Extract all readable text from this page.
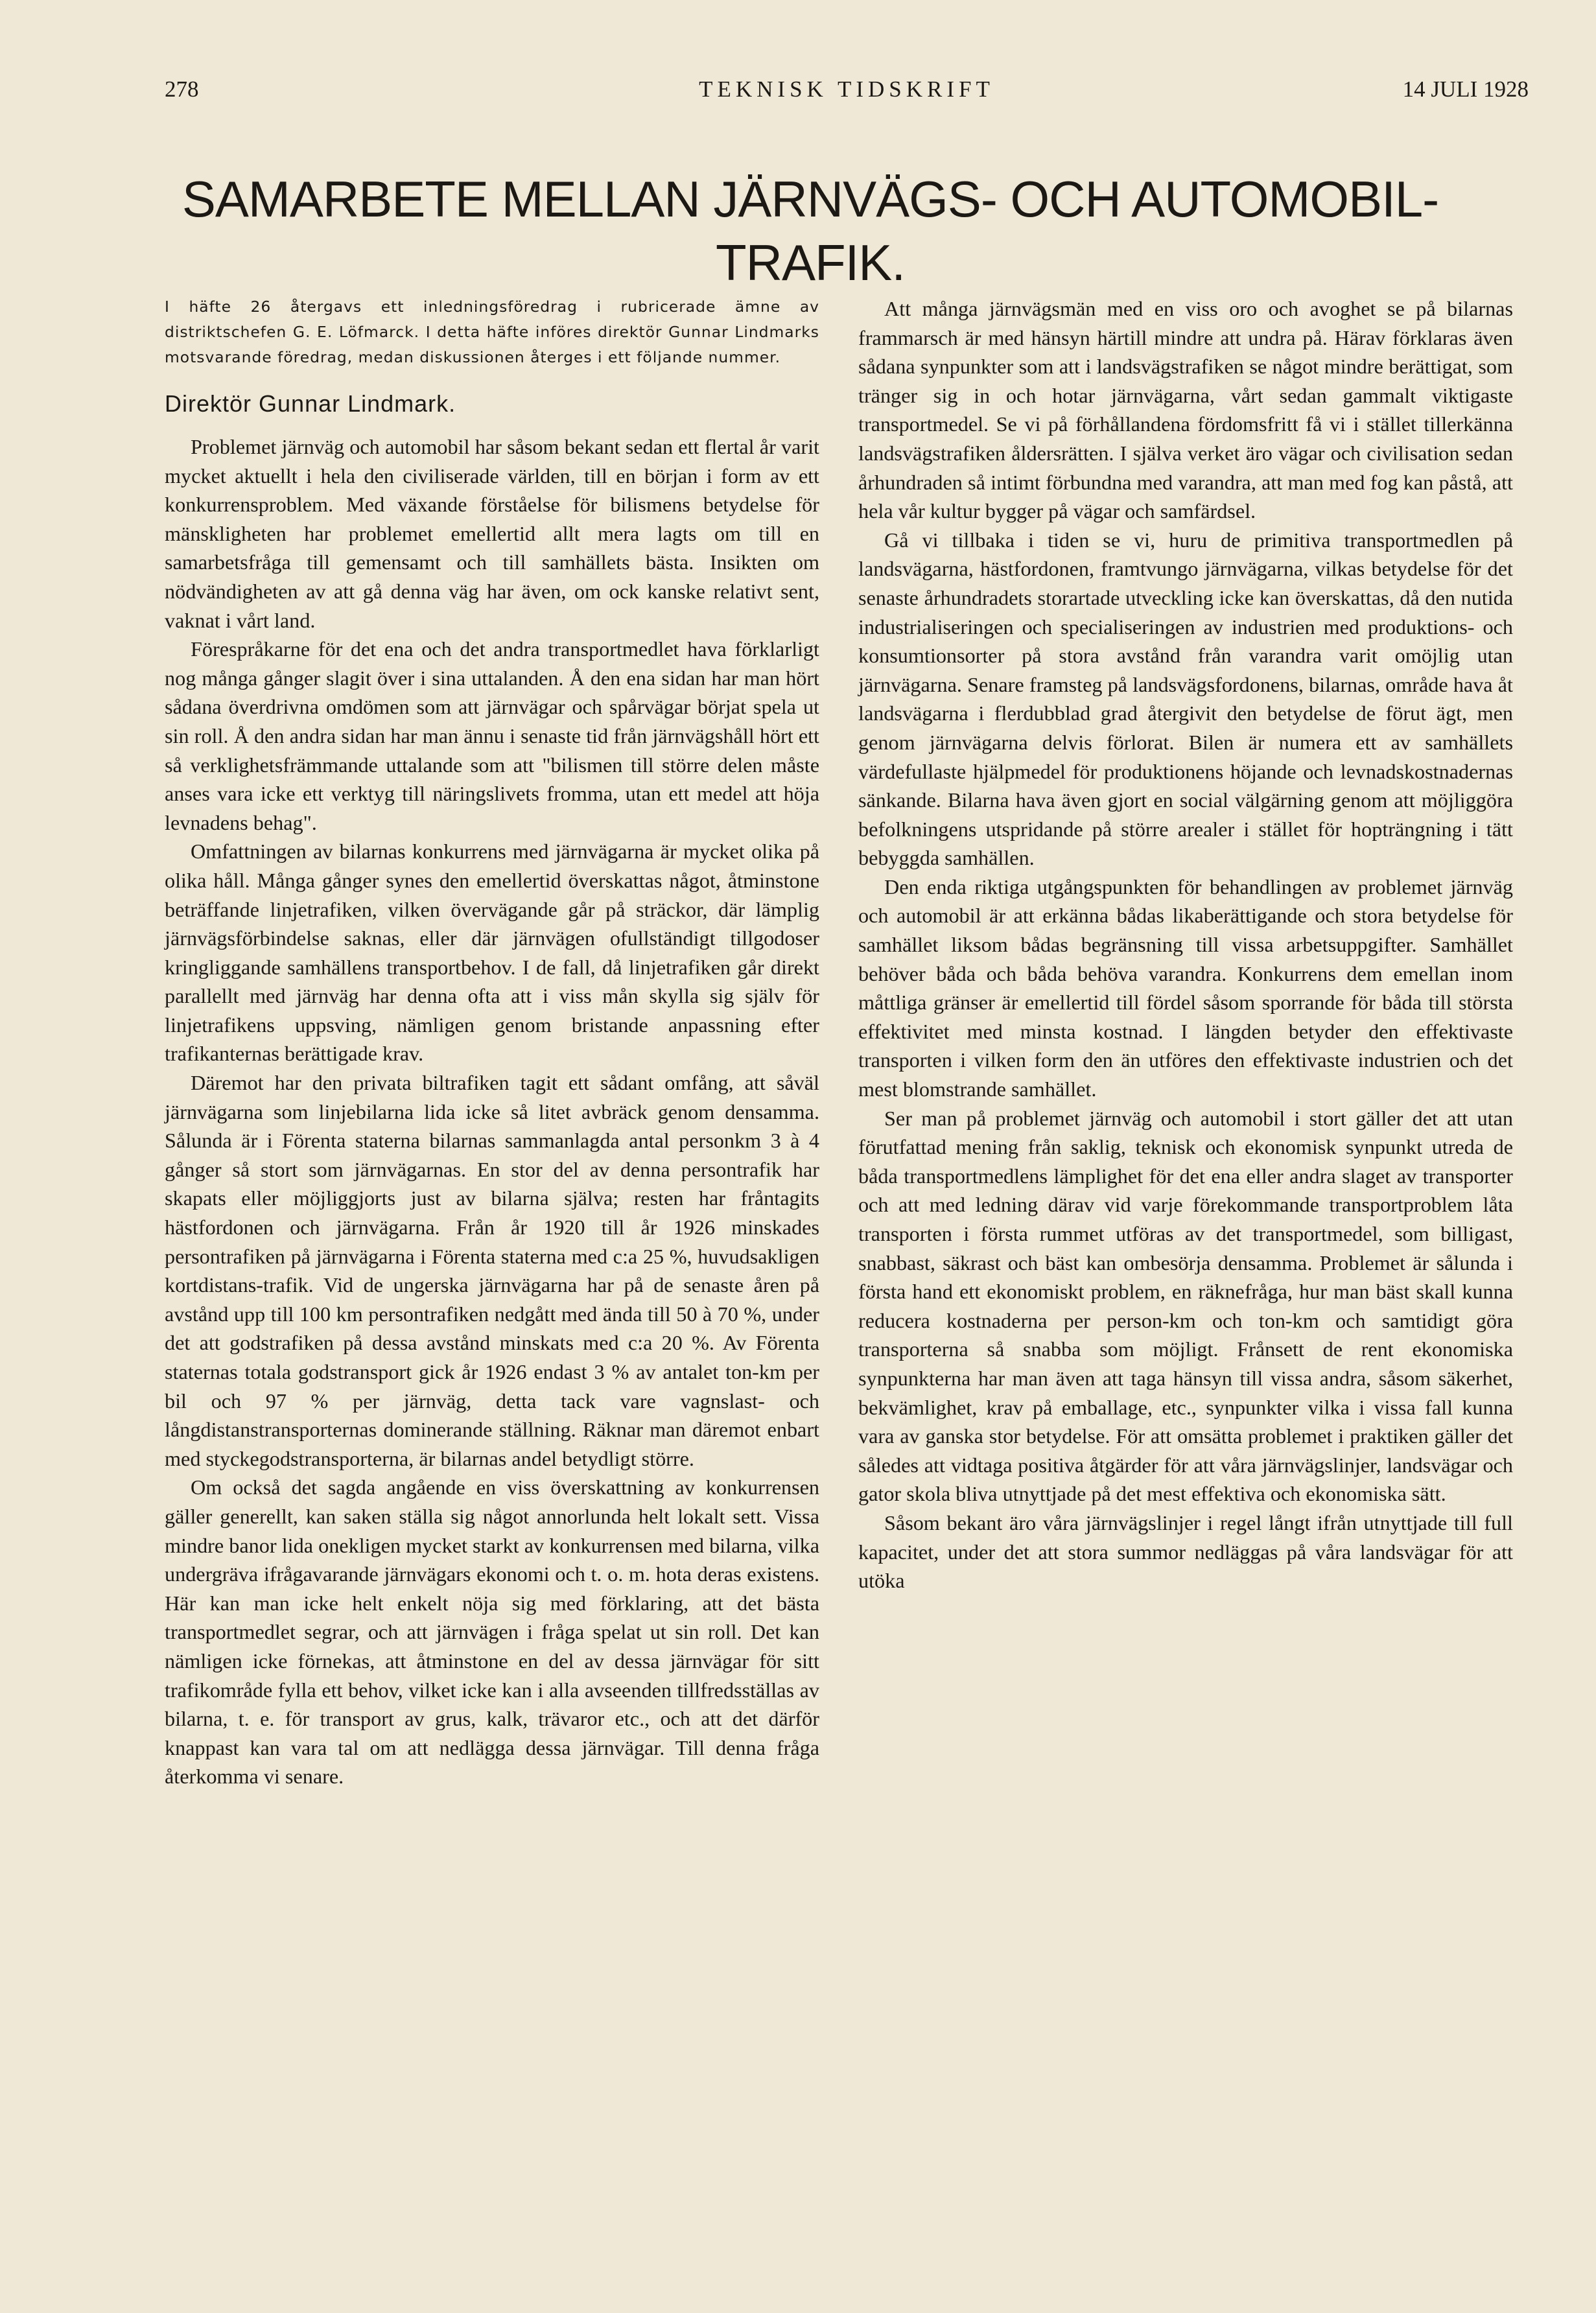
278	TEKNISK TIDSKRIFT	14 JULI 1928
SAMARBETE MELLAN JÄRNVÄGS- OCH AUTOMOBIL-TRAFIK.
I häfte 26 återgavs ett inledningsföredrag i rubricerade ämne av distriktschefen G. E. Löfmarck. I detta häfte införes direktör Gunnar Lindmarks motsvarande föredrag, medan diskussionen återges i ett följande nummer.
Direktör Gunnar Lindmark.

Problemet järnväg och automobil har såsom bekant sedan ett flertal år varit mycket aktuellt i hela den civiliserade världen, till en början i form av ett konkurrensproblem. Med växande förståelse för bilismens betydelse för mänskligheten har problemet emellertid allt mera lagts om till en samarbetsfråga till gemensamt och till samhällets bästa. Insikten om nödvändigheten av att gå denna väg har även, om ock kanske relativt sent, vaknat i vårt land.

Förespråkarne för det ena och det andra transportmedlet hava förklarligt nog många gånger slagit över i sina uttalanden. Å den ena sidan har man hört sådana överdrivna omdömen som att järnvägar och spårvägar börjat spela ut sin roll. Å den andra sidan har man ännu i senaste tid från järnvägshåll hört ett så verklighetsfrämmande uttalande som att "bilismen till större delen måste anses vara icke ett verktyg till näringslivets fromma, utan ett medel att höja levnadens behag".

Omfattningen av bilarnas konkurrens med järnvägarna är mycket olika på olika håll. Många gånger synes den emellertid överskattas något, åtminstone beträffande linjetrafiken, vilken övervägande går på sträckor, där lämplig järnvägsförbindelse saknas, eller där järnvägen ofullständigt tillgodoser kringliggande samhällens transportbehov. I de fall, då linjetrafiken går direkt parallellt med järnväg har denna ofta att i viss mån skylla sig själv för linjetrafikens uppsving, nämligen genom bristande anpassning efter trafikanternas berättigade krav.

Däremot har den privata biltrafiken tagit ett sådant omfång, att såväl järnvägarna som linjebilarna lida icke så litet avbräck genom densamma. Sålunda är i Förenta staterna bilarnas sammanlagda antal personkm 3 à 4 gånger så stort som järnvägarnas. En stor del av denna persontrafik har skapats eller möjliggjorts just av bilarna själva; resten har fråntagits hästfordonen och järnvägarna. Från år 1920 till år 1926 minskades persontrafiken på järnvägarna i Förenta staterna med c:a 25 %, huvudsakligen kortdistans-trafik. Vid de ungerska järnvägarna har på de senaste åren på avstånd upp till 100 km persontrafiken nedgått med ända till 50 à 70 %, under det att godstrafiken på dessa avstånd minskats med c:a 20 %. Av Förenta staternas totala godstransport gick år 1926 endast 3 % av antalet ton-km per bil och 97 % per järnväg, detta tack vare vagnslast- och långdistanstransporternas dominerande ställning. Räknar man däremot enbart med styckegodstransporterna, är bilarnas andel betydligt större.

Om också det sagda angående en viss överskattning av konkurrensen gäller generellt, kan saken ställa sig något annorlunda helt lokalt sett. Vissa mindre banor lida onekligen mycket starkt av konkurrensen med bilarna, vilka undergräva ifrågavarande järnvägars ekonomi och t. o. m. hota deras existens. Här kan man icke helt enkelt nöja sig med förklaring, att det bästa transportmedlet segrar, och att järnvägen i fråga spelat ut sin roll. Det kan nämligen icke förnekas, att åtminstone en del av dessa järnvägar för sitt trafikområde fylla ett behov, vilket icke kan i alla avseenden tillfredsställas av bilarna, t. e. för transport av grus, kalk, trävaror etc., och att det därför knappast kan vara tal om att nedlägga dessa järnvägar. Till denna fråga återkomma vi senare.

Att många järnvägsmän med en viss oro och avoghet se på bilarnas frammarsch är med hänsyn härtill mindre att undra på. Härav förklaras även sådana synpunkter som att i landsvägstrafiken se något mindre berättigat, som tränger sig in och hotar järnvägarna, vårt sedan gammalt viktigaste transportmedel. Se vi på förhållandena fördomsfritt få vi i stället tillerkänna landsvägstrafiken åldersrätten. I själva verket äro vägar och civilisation sedan århundraden så intimt förbundna med varandra, att man med fog kan påstå, att hela vår kultur bygger på vägar och samfärdsel.

Gå vi tillbaka i tiden se vi, huru de primitiva transportmedlen på landsvägarna, hästfordonen, framtvungo järnvägarna, vilkas betydelse för det senaste århundradets storartade utveckling icke kan överskattas, då den nutida industrialiseringen och specialiseringen av industrien med produktions- och konsumtionsorter på stora avstånd från varandra varit omöjlig utan järnvägarna. Senare framsteg på landsvägsfordonens, bilarnas, område hava åt landsvägarna i flerdubblad grad återgivit den betydelse de förut ägt, men genom järnvägarna delvis förlorat. Bilen är numera ett av samhällets värdefullaste hjälpmedel för produktionens höjande och levnadskostnadernas sänkande. Bilarna hava även gjort en social välgärning genom att möjliggöra befolkningens utspridande på större arealer i stället för hopträngning i tätt bebyggda samhällen.

Den enda riktiga utgångspunkten för behandlingen av problemet järnväg och automobil är att erkänna bådas likaberättigande och stora betydelse för samhället liksom bådas begränsning till vissa arbetsuppgifter. Samhället behöver båda och båda behöva varandra. Konkurrens dem emellan inom måttliga gränser är emellertid till fördel såsom sporrande för båda till största effektivitet med minsta kostnad. I längden betyder den effektivaste transporten i vilken form den än utföres den effektivaste industrien och det mest blomstrande samhället.

Ser man på problemet järnväg och automobil i stort gäller det att utan förutfattad mening från saklig, teknisk och ekonomisk synpunkt utreda de båda transportmedlens lämplighet för det ena eller andra slaget av transporter och att med ledning därav vid varje förekommande transportproblem låta transporten i första rummet utföras av det transportmedel, som billigast, snabbast, säkrast och bäst kan ombesörja densamma. Problemet är sålunda i första hand ett ekonomiskt problem, en räknefråga, hur man bäst skall kunna reducera kostnaderna per person-km och ton-km och samtidigt göra transporterna så snabba som möjligt. Frånsett de rent ekonomiska synpunkterna har man även att taga hänsyn till vissa andra, såsom säkerhet, bekvämlighet, krav på emballage, etc., synpunkter vilka i vissa fall kunna vara av ganska stor betydelse. För att omsätta problemet i praktiken gäller det således att vidtaga positiva åtgärder för att våra järnvägslinjer, landsvägar och gator skola bliva utnyttjade på det mest effektiva och ekonomiska sätt.

Såsom bekant äro våra järnvägslinjer i regel långt ifrån utnyttjade till full kapacitet, under det att stora summor nedläggas på våra landsvägar för att utöka
